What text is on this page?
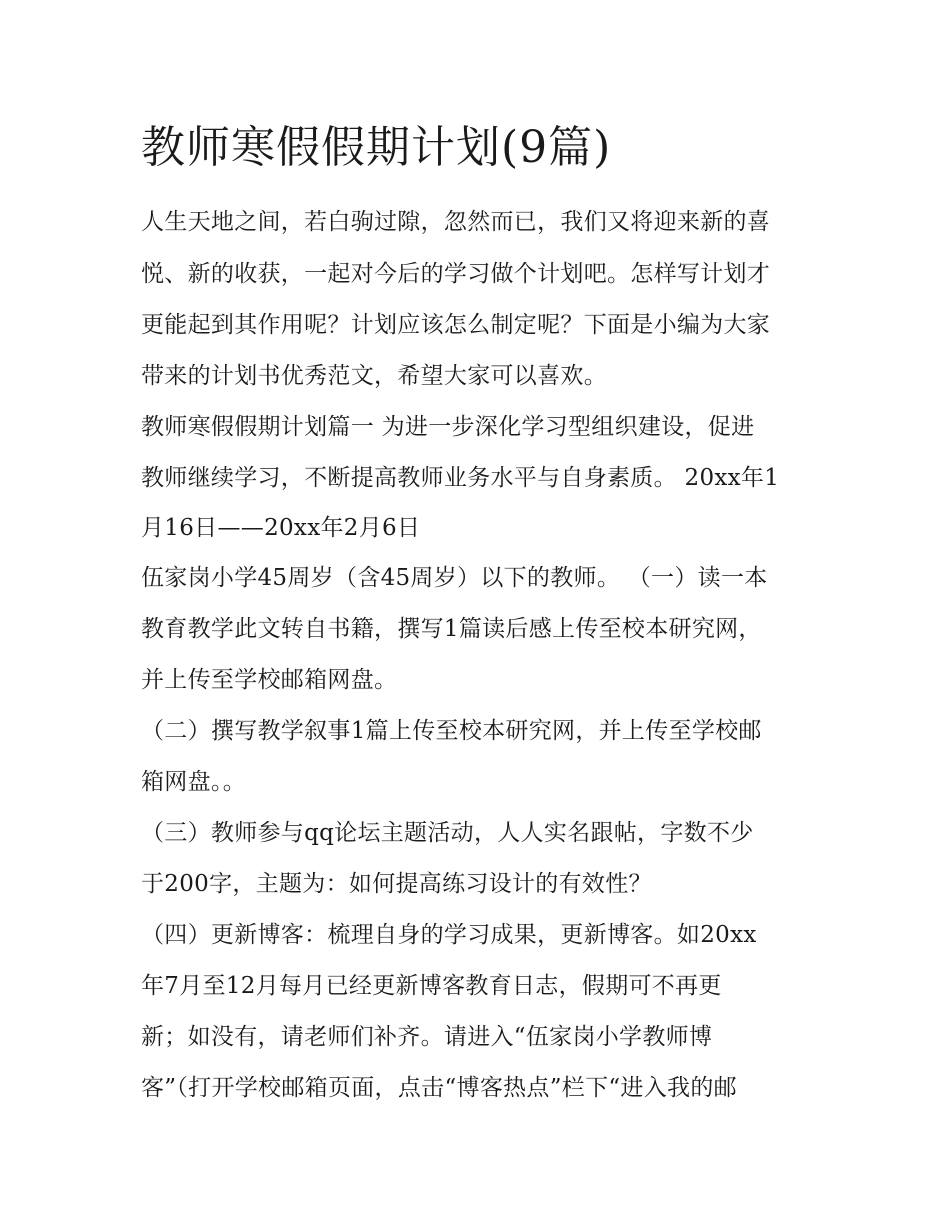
教师寒假假期计划(9篇)

人生天地之间，若白驹过隙，忽然而已，我们又将迎来新的喜

悦、新的收获，一起对今后的学习做个计划吧。怎样写计划才

更能起到其作用呢？计划应该怎么制定呢？下面是小编为大家

带来的计划书优秀范文，希望大家可以喜欢。

教师寒假假期计划篇一 为进一步深化学习型组织建设，促进

教师继续学习，不断提高教师业务水平与自身素质。 20xx年1

月16日——20xx年2月6日

伍家岗小学45周岁（含45周岁）以下的教师。 （一）读一本

教育教学此文转自书籍，撰写1篇读后感上传至校本研究网，

并上传至学校邮箱网盘。

（二）撰写教学叙事1篇上传至校本研究网，并上传至学校邮

箱网盘。。

（三）教师参与qq论坛主题活动，人人实名跟帖，字数不少

于200字，主题为：如何提高练习设计的有效性？

（四）更新博客：梳理自身的学习成果，更新博客。如20xx

年7月至12月每月已经更新博客教育日志，假期可不再更

新；如没有，请老师们补齐。请进入“伍家岗小学教师博

客”（打开学校邮箱页面，点击“博客热点”栏下“进入我的邮
